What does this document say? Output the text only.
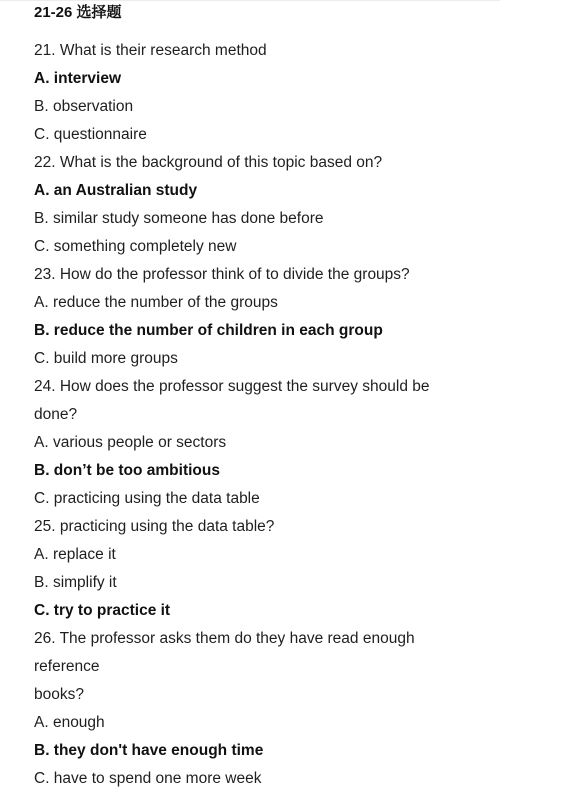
21-26 选择题
21. What is their research method
A. interview
B. observation
C. questionnaire
22. What is the background of this topic based on?
A. an Australian study
B. similar study someone has done before
C. something completely new
23. How do the professor think of to divide the groups?
A. reduce the number of the groups
B. reduce the number of children in each group
C. build more groups
24. How does the professor suggest the survey should be
done?
A. various people or sectors
B. don’t be too ambitious
C. practicing using the data table
25. practicing using the data table?
A. replace it
B. simplify it
C. try to practice it
26. The professor asks them do they have read enough
reference
books?
A. enough
B. they don't have enough time
C. have to spend one more week
